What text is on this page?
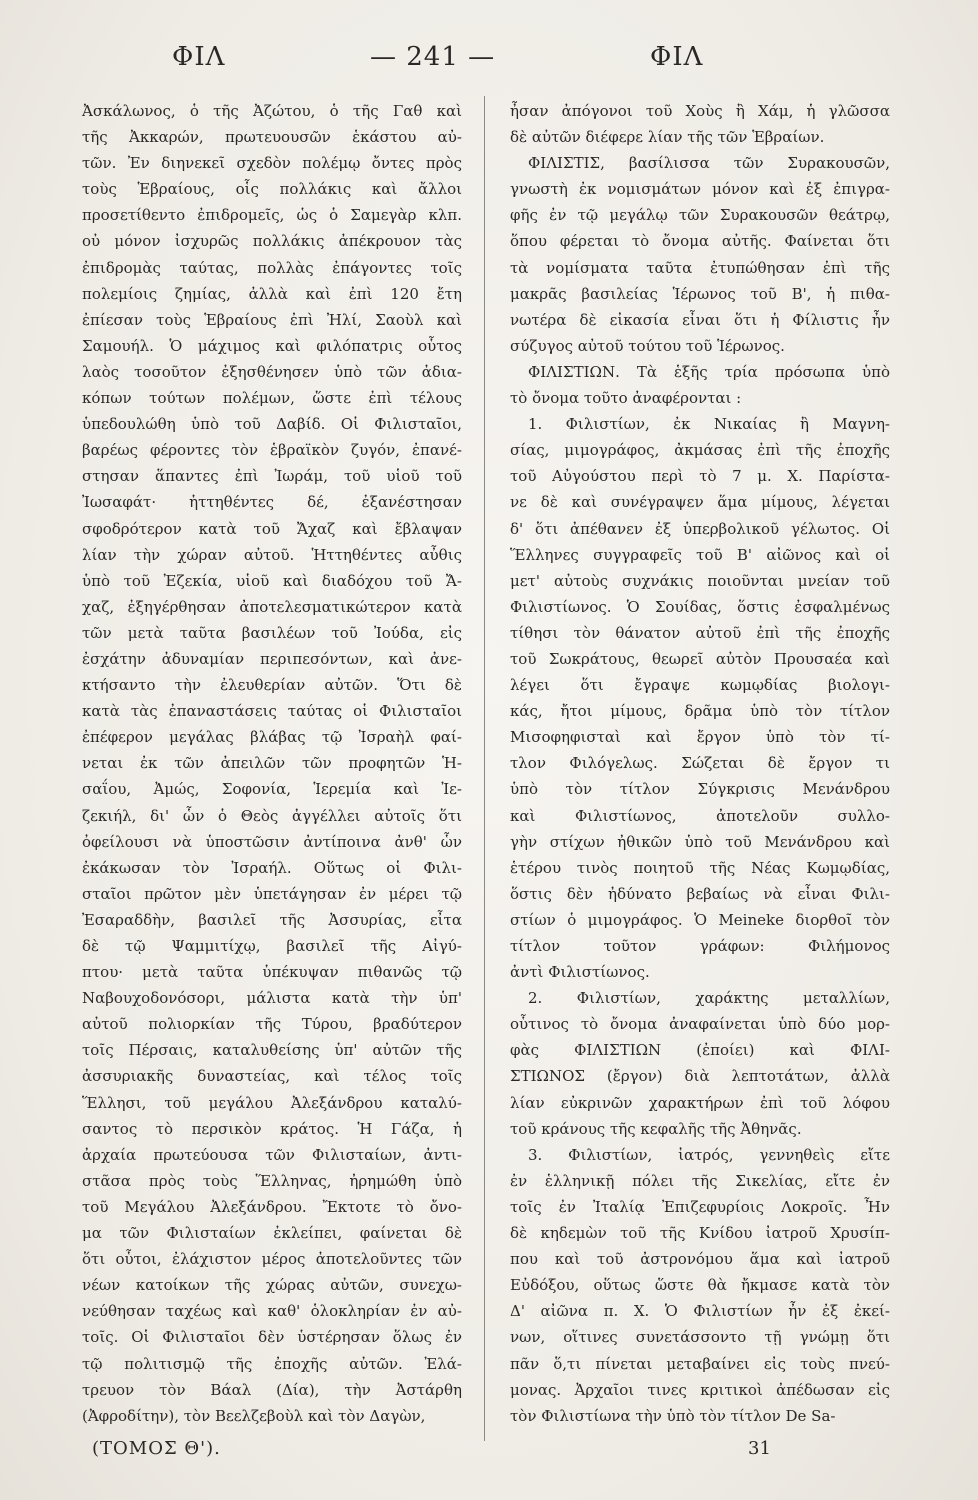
ΦΙΛ	— 241 —	ΦΙΛ
Ἀσκάλωνος, ὁ τῆς Ἀζώτου, ὁ τῆς Γαθ καὶ
τῆς Ἀκκαρών, πρωτευουσῶν ἑκάστου αὐ-
τῶν. Ἐν διηνεκεῖ σχεδὸν πολέμῳ ὄντες πρὸς
τοὺς Ἑβραίους, οἷς πολλάκις καὶ ἄλλοι
προσετίθεντο ἐπιδρομεῖς, ὡς ὁ Σαμεγὰρ κλπ.
οὐ μόνον ἰσχυρῶς πολλάκις ἀπέκρουον τὰς
ἐπιδρομὰς ταύτας, πολλὰς ἐπάγοντες τοῖς
πολεμίοις ζημίας, ἀλλὰ καὶ ἐπὶ 120 ἔτη
ἐπίεσαν τοὺς Ἑβραίους ἐπὶ Ἠλί, Σαοὺλ καὶ
Σαμουήλ. Ὁ μάχιμος καὶ φιλόπατρις οὗτος
λαὸς τοσοῦτον ἐξησθένησεν ὑπὸ τῶν ἀδια-
κόπων τούτων πολέμων, ὥστε ἐπὶ τέλους
ὑπεδουλώθη ὑπὸ τοῦ Δαβίδ. Οἱ Φιλισταῖοι,
βαρέως φέροντες τὸν ἑβραϊκὸν ζυγόν, ἐπανέ-
στησαν ἅπαντες ἐπὶ Ἰωράμ, τοῦ υἱοῦ τοῦ
Ἰωσαφάτ· ἡττηθέντες δέ, ἐξανέστησαν
σφοδρότερον κατὰ τοῦ Ἄχαζ καὶ ἔβλαψαν
λίαν τὴν χώραν αὐτοῦ. Ἡττηθέντες αὖθις
ὑπὸ τοῦ Ἐζεκία, υἱοῦ καὶ διαδόχου τοῦ Ἄ-
χαζ, ἐξηγέρθησαν ἀποτελεσματικώτερον κατὰ
τῶν μετὰ ταῦτα βασιλέων τοῦ Ἰούδα, εἰς
ἐσχάτην ἀδυναμίαν περιπεσόντων, καὶ ἀνε-
κτήσαντο τὴν ἐλευθερίαν αὐτῶν. Ὅτι δὲ
κατὰ τὰς ἐπαναστάσεις ταύτας οἱ Φιλισταῖοι
ἐπέφερον μεγάλας βλάβας τῷ Ἰσραὴλ φαί-
νεται ἐκ τῶν ἀπειλῶν τῶν προφητῶν Ἡ-
σαΐου, Ἀμώς, Σοφονία, Ἱερεμία καὶ Ἰε-
ζεκιήλ, δι' ὧν ὁ Θεὸς ἀγγέλλει αὐτοῖς ὅτι
ὀφείλουσι νὰ ὑποστῶσιν ἀντίποινα ἀνθ' ὧν
ἐκάκωσαν τὸν Ἰσραήλ. Οὕτως οἱ Φιλι-
σταῖοι πρῶτον μὲν ὑπετάγησαν ἐν μέρει τῷ
Ἐσαραδδὴν, βασιλεῖ τῆς Ἀσσυρίας, εἶτα
δὲ τῷ Ψαμμιτίχῳ, βασιλεῖ τῆς Αἰγύ-
πτου· μετὰ ταῦτα ὑπέκυψαν πιθανῶς τῷ
Ναβουχοδονόσορι, μάλιστα κατὰ τὴν ὑπ'
αὐτοῦ πολιορκίαν τῆς Τύρου, βραδύτερον
τοῖς Πέρσαις, καταλυθείσης ὑπ' αὐτῶν τῆς
ἀσσυριακῆς δυναστείας, καὶ τέλος τοῖς
Ἕλλησι, τοῦ μεγάλου Ἀλεξάνδρου καταλύ-
σαντος τὸ περσικὸν κράτος. Ἡ Γάζα, ἡ
ἀρχαία πρωτεύουσα τῶν Φιλισταίων, ἀντι-
στᾶσα πρὸς τοὺς Ἕλληνας, ἠρημώθη ὑπὸ
τοῦ Μεγάλου Ἀλεξάνδρου. Ἔκτοτε τὸ ὄνο-
μα τῶν Φιλισταίων ἐκλείπει, φαίνεται δὲ
ὅτι οὗτοι, ἐλάχιστον μέρος ἀποτελοῦντες τῶν
νέων κατοίκων τῆς χώρας αὐτῶν, συνεχω-
νεύθησαν ταχέως καὶ καθ' ὁλοκληρίαν ἐν αὐ-
τοῖς. Οἱ Φιλισταῖοι δὲν ὑστέρησαν ὅλως ἐν
τῷ πολιτισμῷ τῆς ἐποχῆς αὐτῶν. Ἐλά-
τρευον τὸν Βάαλ (Δία), τὴν Ἀστάρθη
(Ἀφροδίτην), τὸν Βεελζεβοὺλ καὶ τὸν Δαγὼν,
ἦσαν ἀπόγονοι τοῦ Χοὺς ἢ Χάμ, ἡ γλῶσσα
δὲ αὐτῶν διέφερε λίαν τῆς τῶν Ἑβραίων.
ΦΙΛΙΣΤΙΣ, βασίλισσα τῶν Συρακουσῶν,
γνωστὴ ἐκ νομισμάτων μόνον καὶ ἐξ ἐπιγρα-
φῆς ἐν τῷ μεγάλῳ τῶν Συρακουσῶν θεάτρῳ,
ὅπου φέρεται τὸ ὄνομα αὐτῆς. Φαίνεται ὅτι
τὰ νομίσματα ταῦτα ἐτυπώθησαν ἐπὶ τῆς
μακρᾶς βασιλείας Ἱέρωνος τοῦ Β', ἡ πιθα-
νωτέρα δὲ εἰκασία εἶναι ὅτι ἡ Φίλιστις ἦν
σύζυγος αὐτοῦ τούτου τοῦ Ἱέρωνος.
ΦΙΛΙΣΤΙΩΝ. Τὰ ἑξῆς τρία πρόσωπα ὑπὸ
τὸ ὄνομα τοῦτο ἀναφέρονται :
1. Φιλιστίων, ἐκ Νικαίας ἢ Μαγνη-
σίας, μιμογράφος, ἀκμάσας ἐπὶ τῆς ἐποχῆς
τοῦ Αὐγούστου περὶ τὸ 7 μ. Χ. Παρίστα-
νε δὲ καὶ συνέγραψεν ἅμα μίμους, λέγεται
δ' ὅτι ἀπέθανεν ἐξ ὑπερβολικοῦ γέλωτος. Οἱ
Ἕλληνες συγγραφεῖς τοῦ Β' αἰῶνος καὶ οἱ
μετ' αὐτοὺς συχνάκις ποιοῦνται μνείαν τοῦ
Φιλιστίωνος. Ὁ Σουίδας, ὅστις ἐσφαλμένως
τίθησι τὸν θάνατον αὐτοῦ ἐπὶ τῆς ἐποχῆς
τοῦ Σωκράτους, θεωρεῖ αὐτὸν Προυσαέα καὶ
λέγει ὅτι ἔγραψε κωμῳδίας βιολογι-
κάς, ἤτοι μίμους, δρᾶμα ὑπὸ τὸν τίτλον
Μισοφηφισταὶ καὶ ἔργον ὑπὸ τὸν τί-
τλον Φιλόγελως. Σώζεται δὲ ἔργον τι
ὑπὸ τὸν τίτλον Σύγκρισις Μενάνδρου
καὶ Φιλιστίωνος, ἀποτελοῦν συλλο-
γὴν στίχων ἠθικῶν ὑπὸ τοῦ Μενάνδρου καὶ
ἑτέρου τινὸς ποιητοῦ τῆς Νέας Κωμῳδίας,
ὅστις δὲν ἠδύνατο βεβαίως νὰ εἶναι Φιλι-
στίων ὁ μιμογράφος. Ὁ Meineke διορθοῖ τὸν
τίτλον τοῦτον γράφων: Φιλήμονος
ἀντὶ Φιλιστίωνος.
2. Φιλιστίων, χαράκτης μεταλλίων,
οὗτινος τὸ ὄνομα ἀναφαίνεται ὑπὸ δύο μορ-
φὰς ΦΙΛΙΣΤΙΩΝ (ἐποίει) καὶ ΦΙΛΙ-
ΣΤΙΩΝΟΣ (ἔργον) διὰ λεπτοτάτων, ἀλλὰ
λίαν εὐκρινῶν χαρακτήρων ἐπὶ τοῦ λόφου
τοῦ κράνους τῆς κεφαλῆς τῆς Ἀθηνᾶς.
3. Φιλιστίων, ἰατρός, γεννηθεὶς εἴτε
ἐν ἑλληνικῇ πόλει τῆς Σικελίας, εἴτε ἐν
τοῖς ἐν Ἰταλίᾳ Ἐπιζεφυρίοις Λοκροῖς. Ἦν
δὲ κηδεμὼν τοῦ τῆς Κνίδου ἰατροῦ Χρυσίπ-
που καὶ τοῦ ἀστρονόμου ἅμα καὶ ἰατροῦ
Εὐδόξου, οὕτως ὥστε θὰ ἤκμασε κατὰ τὸν
Δ' αἰῶνα π. Χ. Ὁ Φιλιστίων ἦν ἐξ ἐκεί-
νων, οἵτινες συνετάσσοντο τῇ γνώμῃ ὅτι
πᾶν ὅ,τι πίνεται μεταβαίνει εἰς τοὺς πνεύ-
μονας. Ἀρχαῖοι τινες κριτικοὶ ἀπέδωσαν εἰς
τὸν Φιλιστίωνα τὴν ὑπὸ τὸν τίτλον De Sa-
(ΤΟΜΟΣ Θ').	31
